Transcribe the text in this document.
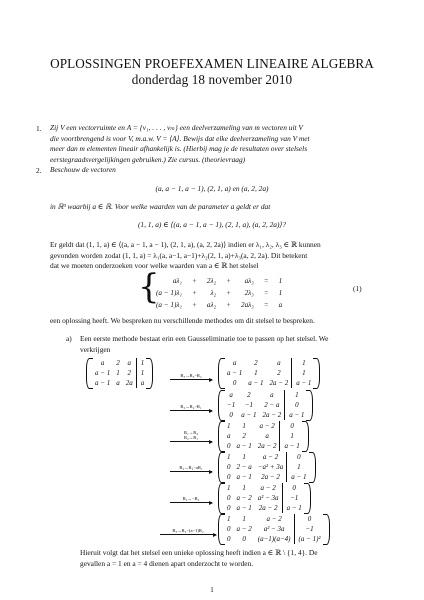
OPLOSSINGEN PROEFEXAMEN LINEAIRE ALGEBRA
donderdag 18 november 2010
1. Zij V een vectorruimte en A = {v₁, . . . , vₘ} een deelverzameling van m vectoren uit V
die voortbrengend is voor V, m.a.w. V = ⟨A⟩. Bewijs dat elke deelverzameling van V met
meer dan m elementen lineair afhankelijk is. (Hierbij mag je de resultaten over stelsels
eerstegraadsvergelijkingen gebruiken.) Zie cursus. (theorievraag)
2. Beschouw de vectoren
(a, a − 1, a − 1), (2, 1, a) en (a, 2, 2a)
in ℝ³ waarbij a ∈ ℝ. Voor welke waarden van de parameter a geldt er dat
(1, 1, a) ∈ ⟨(a, a − 1, a − 1), (2, 1, a), (a, 2, 2a)⟩?
Er geldt dat (1, 1, a) ∈ ⟨(a, a − 1, a − 1), (2, 1, a), (a, 2, 2a)⟩ indien er λ₁, λ₂, λ₃ ∈ ℝ kunnen
gevonden worden zodat (1, 1, a) = λ₁(a, a−1, a−1)+λ₂(2, 1, a)+λ₃(a, 2, 2a). Dit betekent
dat we moeten onderzoeken voor welke waarden van a ∈ ℝ het stelsel
{ aλ₁	+	2λ₂	+	aλ₃	=	1
(a − 1)λ₁	+	λ₂	+	2λ₃	=	1
(a − 1)λ₁	+	aλ₂	+	2aλ₃	=	a
(1)
een oplossing heeft. We bespreken nu verschillende methodes om dit stelsel te bespreken.
a) Een eerste methode bestaat erin een Gausseliminatie toe te passen op het stelsel. We
verkrijgen
a	2	a	1
a − 1	1	2	1
a − 1	a	2a	a
R₃→R₃−R₂
a	2	a	1
a − 1	1	2	1
0	a − 1	2a − 2	a − 1
R₂→R₂−R₁
a	2	a	1
−1	−1	2 − a	0
0	a − 1	2a − 2	a − 1
R₁→R₂
R₂→R₁
1	1	a − 2	0
a	2	a	1
0	a − 1	2a − 2	a − 1
R₂→R₂−aR₁
1	1	a − 2	0
0	2 − a	−a² + 3a	1
0	a − 1	2a − 2	a − 1
R₂→−R₂
1	1	a − 2	0
0	a − 2	a² − 3a	−1
0	a − 1	2a − 2	a − 1
R₃→R₃−(a−1)R₂
1	1	a − 2	0
0	a − 2	a² − 3a	−1
0	0	(a−1)(a−4)	(a − 1)²
Hieruit volgt dat het stelsel een unieke oplossing heeft indien a ∈ ℝ \ {1, 4}. De
gevallen a = 1 en a = 4 dienen apart onderzocht te worden.
1
